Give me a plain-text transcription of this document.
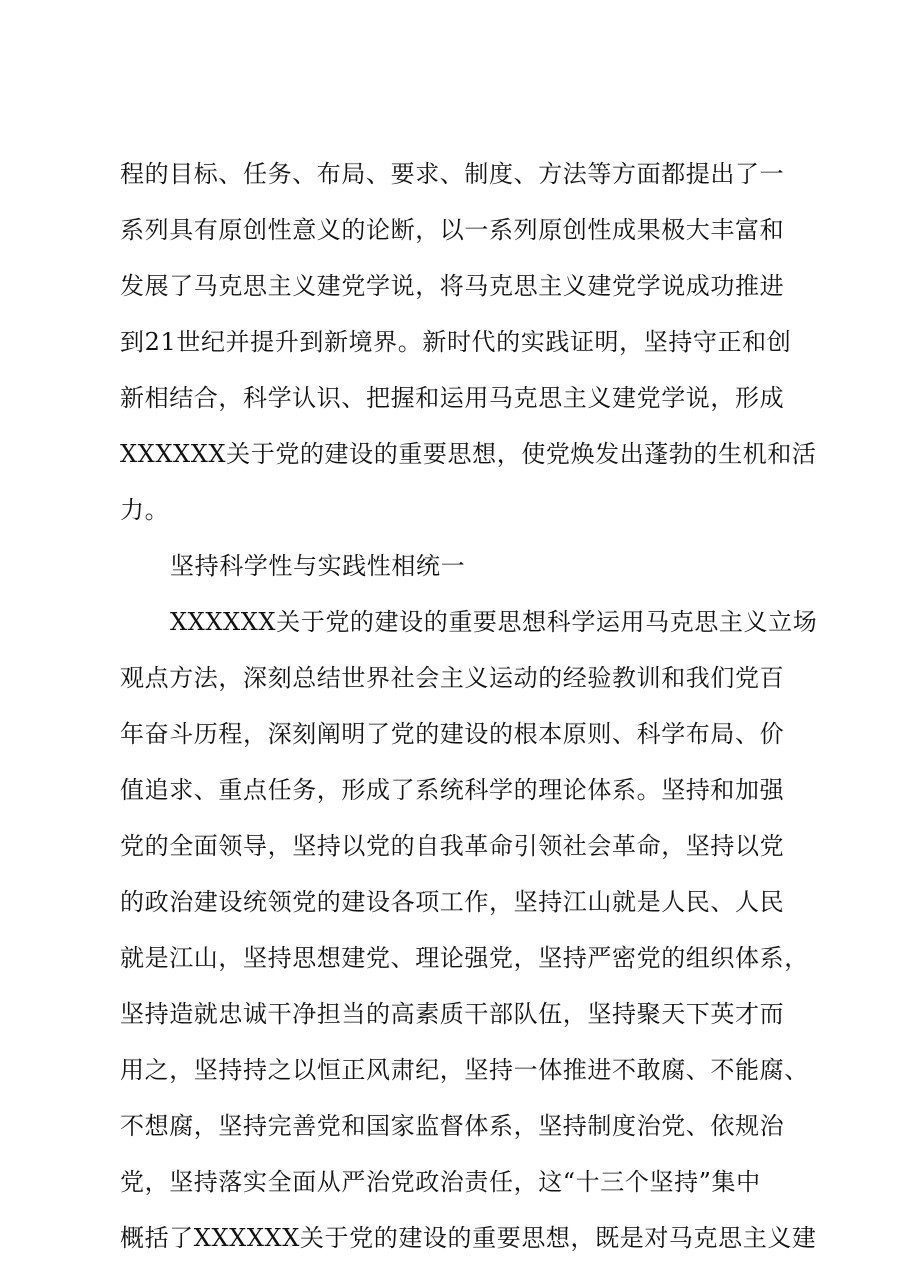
程的目标、任务、布局、要求、制度、方法等方面都提出了一
系列具有原创性意义的论断，以一系列原创性成果极大丰富和
发展了马克思主义建党学说，将马克思主义建党学说成功推进
到21世纪并提升到新境界。新时代的实践证明，坚持守正和创
新相结合，科学认识、把握和运用马克思主义建党学说，形成
XXXXXX关于党的建设的重要思想，使党焕发出蓬勃的生机和活
力。
坚持科学性与实践性相统一
XXXXXX关于党的建设的重要思想科学运用马克思主义立场
观点方法，深刻总结世界社会主义运动的经验教训和我们党百
年奋斗历程，深刻阐明了党的建设的根本原则、科学布局、价
值追求、重点任务，形成了系统科学的理论体系。坚持和加强
党的全面领导，坚持以党的自我革命引领社会革命，坚持以党
的政治建设统领党的建设各项工作，坚持江山就是人民、人民
就是江山，坚持思想建党、理论强党，坚持严密党的组织体系，
坚持造就忠诚干净担当的高素质干部队伍，坚持聚天下英才而
用之，坚持持之以恒正风肃纪，坚持一体推进不敢腐、不能腐、
不想腐，坚持完善党和国家监督体系，坚持制度治党、依规治
党，坚持落实全面从严治党政治责任，这“十三个坚持”集中
概括了XXXXXX关于党的建设的重要思想，既是对马克思主义建
